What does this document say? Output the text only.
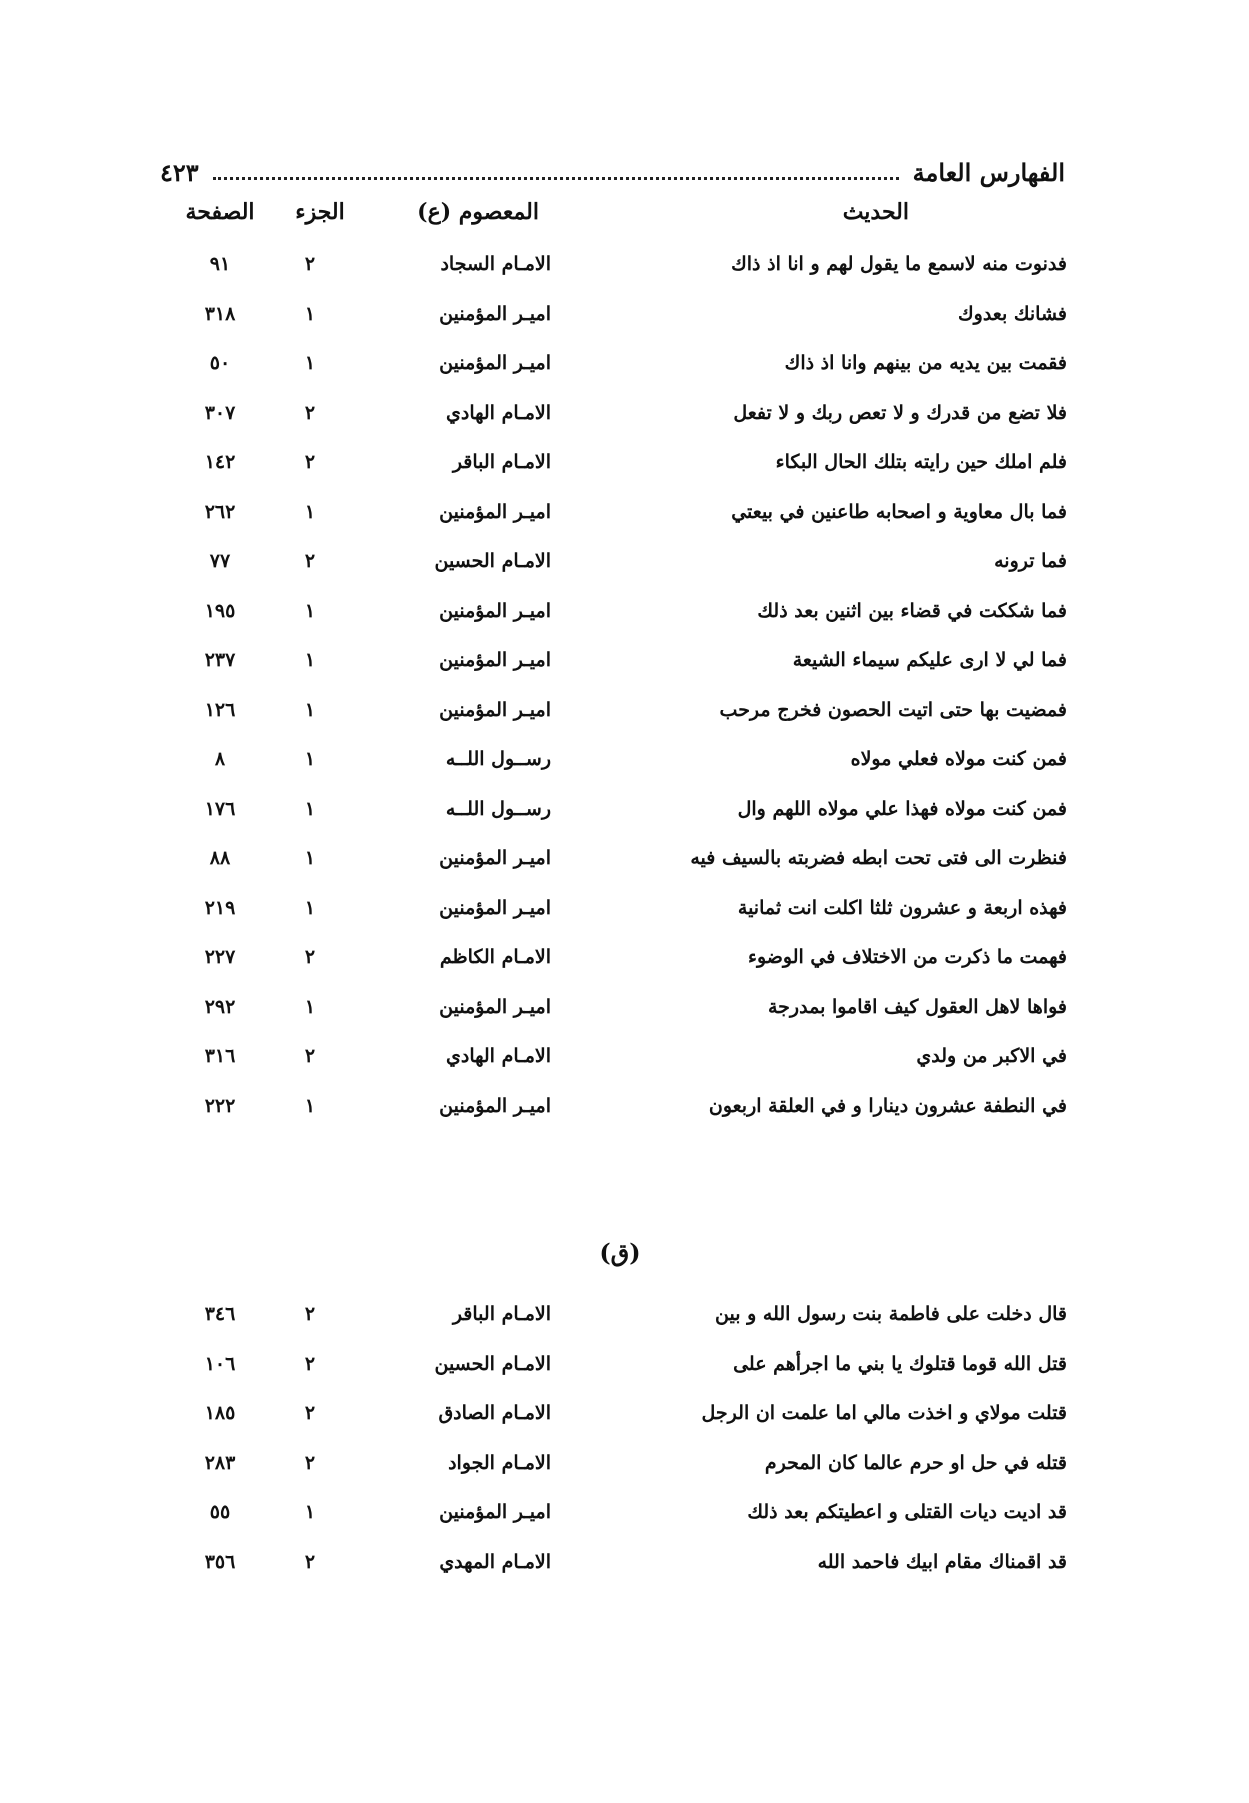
الفهارس العامة
٤٢٣
الحديث
المعصوم (ع)
الجزء
الصفحة
فدنوت منه لاسمع ما يقول لهم و انا اذ ذاك
الامـام السجاد
٢
٩١
فشانك بعدوك
اميـر المؤمنين
١
٣١٨
فقمت بين يديه من بينهم وانا اذ ذاك
اميـر المؤمنين
١
٥٠
فلا تضع من قدرك و لا تعص ربك و لا تفعل
الامـام الهادي
٢
٣٠٧
فلم املك حين رايته بتلك الحال البكاء
الامـام الباقر
٢
١٤٢
فما بال معاوية و اصحابه طاعنين في بيعتي
اميـر المؤمنين
١
٢٦٢
فما ترونه
الامـام الحسين
٢
٧٧
فما شككت في قضاء بين اثنين بعد ذلك
اميـر المؤمنين
١
١٩٥
فما لي لا ارى عليكم سيماء الشيعة
اميـر المؤمنين
١
٢٣٧
فمضيت بها حتى اتيت الحصون فخرج مرحب
اميـر المؤمنين
١
١٢٦
فمن كنت مولاه فعلي مولاه
رســول اللــه
١
٨
فمن كنت مولاه فهذا علي مولاه اللهم وال
رســول اللــه
١
١٧٦
فنظرت الى فتى تحت ابطه فضربته بالسيف فيه
اميـر المؤمنين
١
٨٨
فهذه اربعة و عشرون ثلثا اكلت انت ثمانية
اميـر المؤمنين
١
٢١٩
فهمت ما ذكرت من الاختلاف في الوضوء
الامـام الكاظم
٢
٢٢٧
فواها لاهل العقول كيف اقاموا بمدرجة
اميـر المؤمنين
١
٢٩٢
في الاكبر من ولدي
الامـام الهادي
٢
٣١٦
في النطفة عشرون دينارا و في العلقة اربعون
اميـر المؤمنين
١
٢٢٢
(ق)
قال دخلت على فاطمة بنت رسول الله و بين
الامـام الباقر
٢
٣٤٦
قتل الله قوما قتلوك يا بني ما اجرأهم على
الامـام الحسين
٢
١٠٦
قتلت مولاي و اخذت مالي اما علمت ان الرجل
الامـام الصادق
٢
١٨٥
قتله في حل او حرم عالما كان المحرم
الامـام الجواد
٢
٢٨٣
قد اديت ديات القتلى و اعطيتكم بعد ذلك
اميـر المؤمنين
١
٥٥
قد اقمناك مقام ابيك فاحمد الله
الامـام المهدي
٢
٣٥٦
